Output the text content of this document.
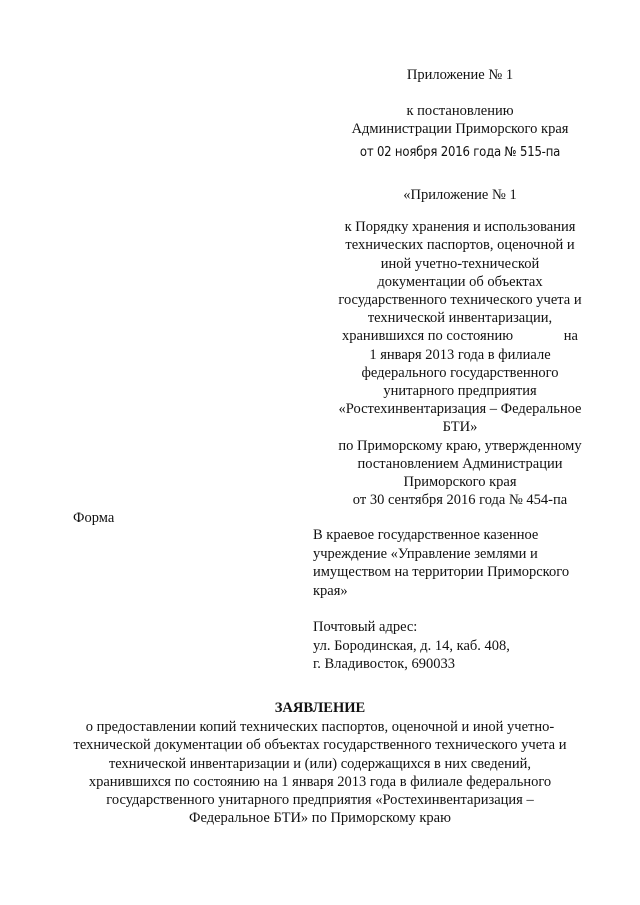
Приложение № 1
к постановлению
Администрации Приморского края
от 02 ноября 2016 года № 515-па
«Приложение № 1
к Порядку хранения и использования
технических паспортов, оценочной и
иной учетно-технической
документации об объектах
государственного технического учета и
технической инвентаризации,
хранившихся по состоянию              на
1 января 2013 года в филиале
федерального государственного
унитарного предприятия
«Ростехинвентаризация – Федеральное
БТИ»
по Приморскому краю, утвержденному
постановлением Администрации
Приморского края
от 30 сентября 2016 года № 454-па
Форма
В краевое государственное казенное
учреждение «Управление землями и
имуществом на территории Приморского
края»
Почтовый адрес:
ул. Бородинская, д. 14, каб. 408,
г. Владивосток, 690033
ЗАЯВЛЕНИЕ
о предоставлении копий технических паспортов, оценочной и иной учетно-
технической документации об объектах государственного технического учета и
технической инвентаризации и (или) содержащихся в них сведений,
хранившихся по состоянию на 1 января 2013 года в филиале федерального
государственного унитарного предприятия «Ростехинвентаризация –
Федеральное БТИ» по Приморскому краю
